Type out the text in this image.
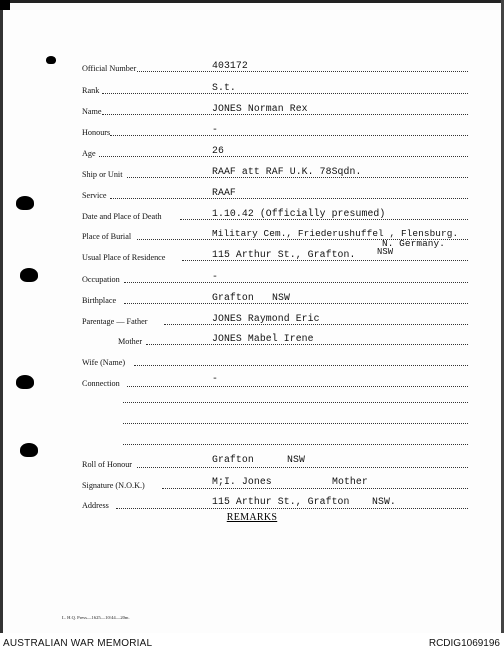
Official Number	403172
Rank	S.t.
Name	JONES Norman Rex
Honours	-
Age	26
Ship or Unit	RAAF att RAF U.K. 78Sqdn.
Service	RAAF
Date and Place of Death	1.10.42 (Officially presumed)
Place of Burial	Military Cem., Friederushuffel , Flensburg.
N. Germany.
Usual Place of Residence	115 Arthur St., Grafton. NSW
Occupation	-
Birthplace	Grafton NSW
Parentage — Father	JONES Raymond Eric
Mother	JONES Mabel Irene
Wife (Name)
Connection	-
Roll of Honour	Grafton	NSW
Signature (N.O.K.)	M;I. Jones	Mother
Address	115 Arthur St., Grafton NSW.
REMARKS
L. H.Q. Press—1625—10/44—20m.
AUSTRALIAN WAR MEMORIAL	RCDIG1069196
